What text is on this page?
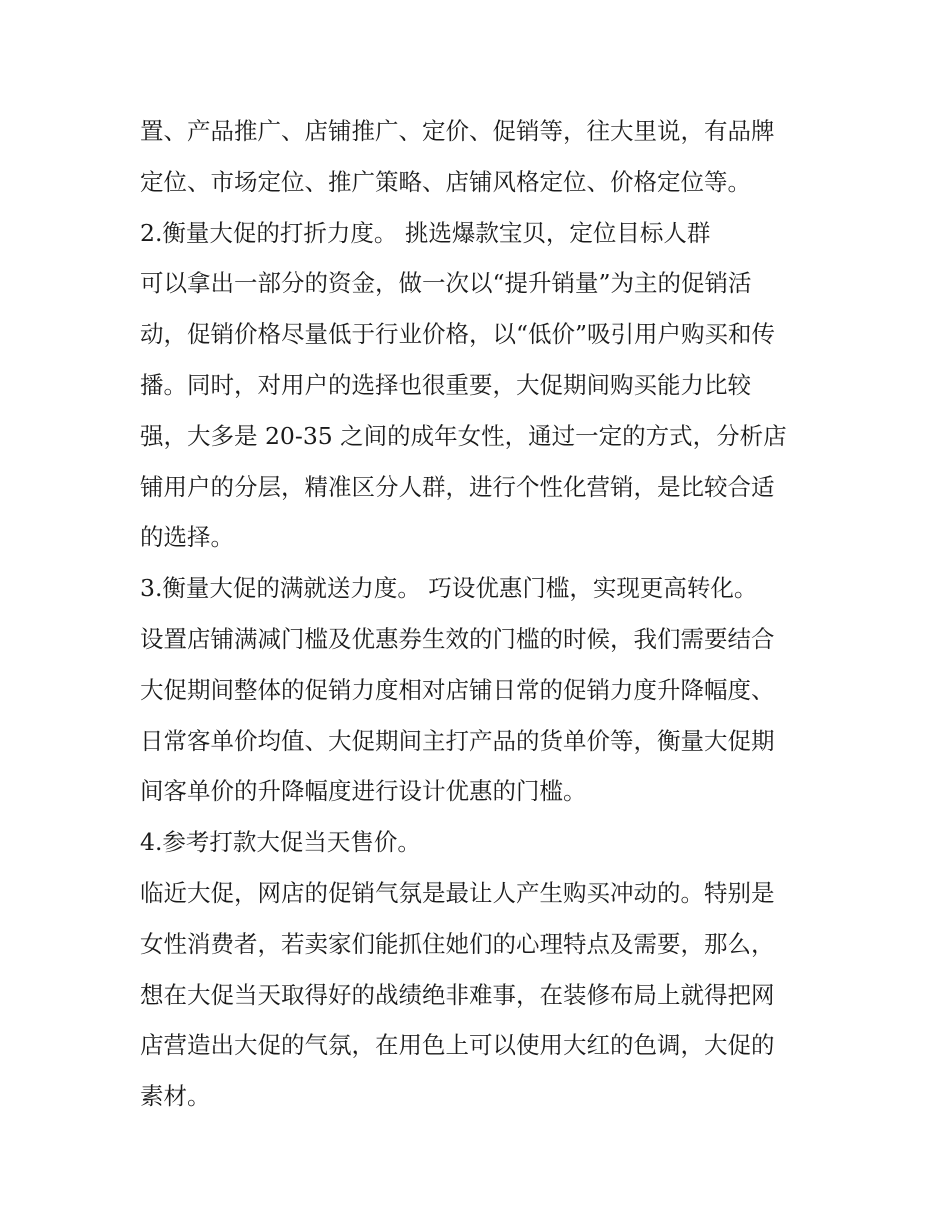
置、产品推广、店铺推广、定价、促销等，往大里说，有品牌
定位、市场定位、推广策略、店铺风格定位、价格定位等。
2.衡量大促的打折力度。 挑选爆款宝贝，定位目标人群
可以拿出一部分的资金，做一次以“提升销量”为主的促销活
动，促销价格尽量低于行业价格，以“低价”吸引用户购买和传
播。同时，对用户的选择也很重要，大促期间购买能力比较
强，大多是 20-35 之间的成年女性，通过一定的方式，分析店
铺用户的分层，精准区分人群，进行个性化营销，是比较合适
的选择。
3.衡量大促的满就送力度。 巧设优惠门槛，实现更高转化。
设置店铺满减门槛及优惠券生效的门槛的时候，我们需要结合
大促期间整体的促销力度相对店铺日常的促销力度升降幅度、
日常客单价均值、大促期间主打产品的货单价等，衡量大促期
间客单价的升降幅度进行设计优惠的门槛。
4.参考打款大促当天售价。
临近大促，网店的促销气氛是最让人产生购买冲动的。特别是
女性消费者，若卖家们能抓住她们的心理特点及需要，那么，
想在大促当天取得好的战绩绝非难事，在装修布局上就得把网
店营造出大促的气氛，在用色上可以使用大红的色调，大促的
素材。
